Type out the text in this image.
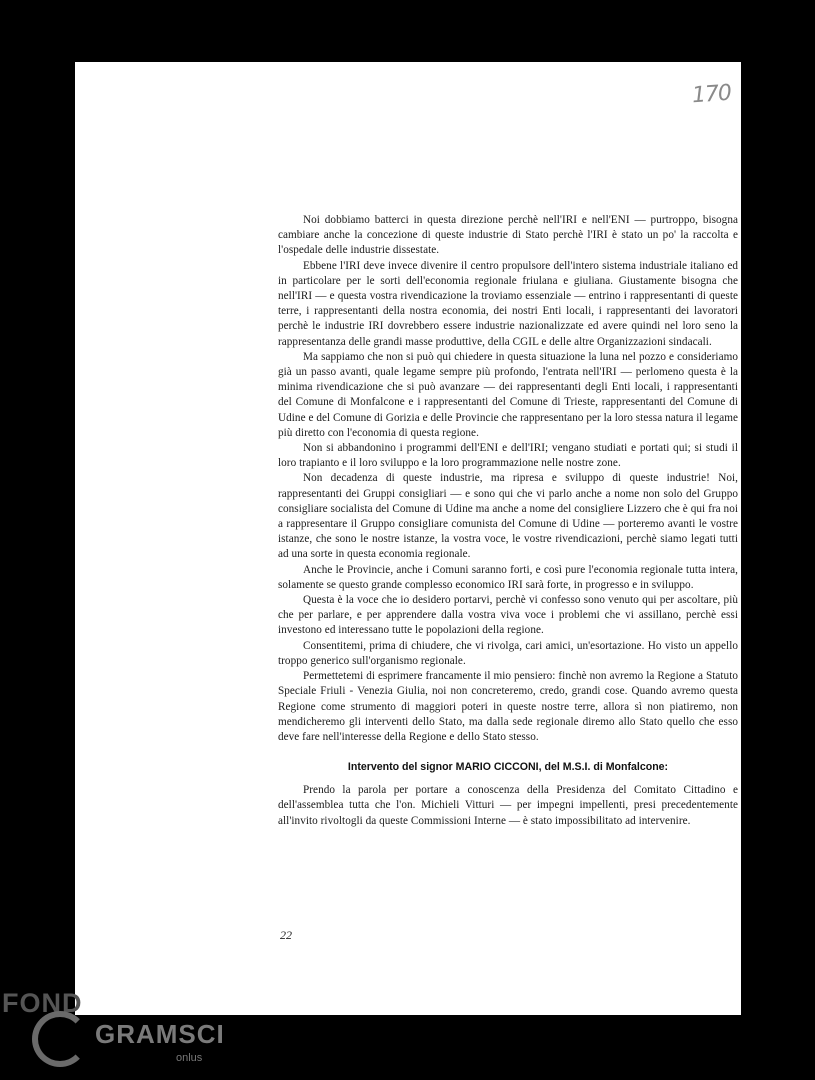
170

Noi dobbiamo batterci in questa direzione perchè nell'IRI e nell'ENI — purtroppo, bisogna cambiare anche la concezione di queste industrie di Stato perchè l'IRI è stato un po' la raccolta e l'ospedale delle industrie dissestate.

Ebbene l'IRI deve invece divenire il centro propulsore dell'intero sistema industriale italiano ed in particolare per le sorti dell'economia regionale friulana e giuliana. Giustamente bisogna che nell'IRI — e questa vostra rivendicazione la troviamo essenziale — entrino i rappresentanti di queste terre, i rappresentanti della nostra economia, dei nostri Enti locali, i rappresentanti dei lavoratori perchè le industrie IRI dovrebbero essere industrie nazionalizzate ed avere quindi nel loro seno la rappresentanza delle grandi masse produttive, della CGIL e delle altre Organizzazioni sindacali.

Ma sappiamo che non si può qui chiedere in questa situazione la luna nel pozzo e consideriamo già un passo avanti, quale legame sempre più profondo, l'entrata nell'IRI — perlomeno questa è la minima rivendicazione che si può avanzare — dei rappresentanti degli Enti locali, i rappresentanti del Comune di Monfalcone e i rappresentanti del Comune di Trieste, rappresentanti del Comune di Udine e del Comune di Gorizia e delle Provincie che rappresentano per la loro stessa natura il legame più diretto con l'economia di questa regione.

Non si abbandonino i programmi dell'ENI e dell'IRI; vengano studiati e portati qui; si studi il loro trapianto e il loro sviluppo e la loro programmazione nelle nostre zone.

Non decadenza di queste industrie, ma ripresa e sviluppo di queste industrie! Noi, rappresentanti dei Gruppi consigliari — e sono qui che vi parlo anche a nome non solo del Gruppo consigliare socialista del Comune di Udine ma anche a nome del consigliere Lizzero che è qui fra noi a rappresentare il Gruppo consigliare comunista del Comune di Udine — porteremo avanti le vostre istanze, che sono le nostre istanze, la vostra voce, le vostre rivendicazioni, perchè siamo legati tutti ad una sorte in questa economia regionale.

Anche le Provincie, anche i Comuni saranno forti, e così pure l'economia regionale tutta intera, solamente se questo grande complesso economico IRI sarà forte, in progresso e in sviluppo.

Questa è la voce che io desidero portarvi, perchè vi confesso sono venuto qui per ascoltare, più che per parlare, e per apprendere dalla vostra viva voce i problemi che vi assillano, perchè essi investono ed interessano tutte le popolazioni della regione.

Consentitemi, prima di chiudere, che vi rivolga, cari amici, un'esortazione. Ho visto un appello troppo generico sull'organismo regionale.

Permettetemi di esprimere francamente il mio pensiero: finchè non avremo la Regione a Statuto Speciale Friuli - Venezia Giulia, noi non concreteremo, credo, grandi cose. Quando avremo questa Regione come strumento di maggiori poteri in queste nostre terre, allora sì non piatiremo, non mendicheremo gli interventi dello Stato, ma dalla sede regionale diremo allo Stato quello che esso deve fare nell'interesse della Regione e dello Stato stesso.

Intervento del signor MARIO CICCONI, del M.S.I. di Monfalcone:

Prendo la parola per portare a conoscenza della Presidenza del Comitato Cittadino e dell'assemblea tutta che l'on. Michieli Vitturi — per impegni impellenti, presi precedentemente all'invito rivoltogli da queste Commissioni Interne — è stato impossibilitato ad intervenire.

22
FOND
GRAMSCI
onlus
